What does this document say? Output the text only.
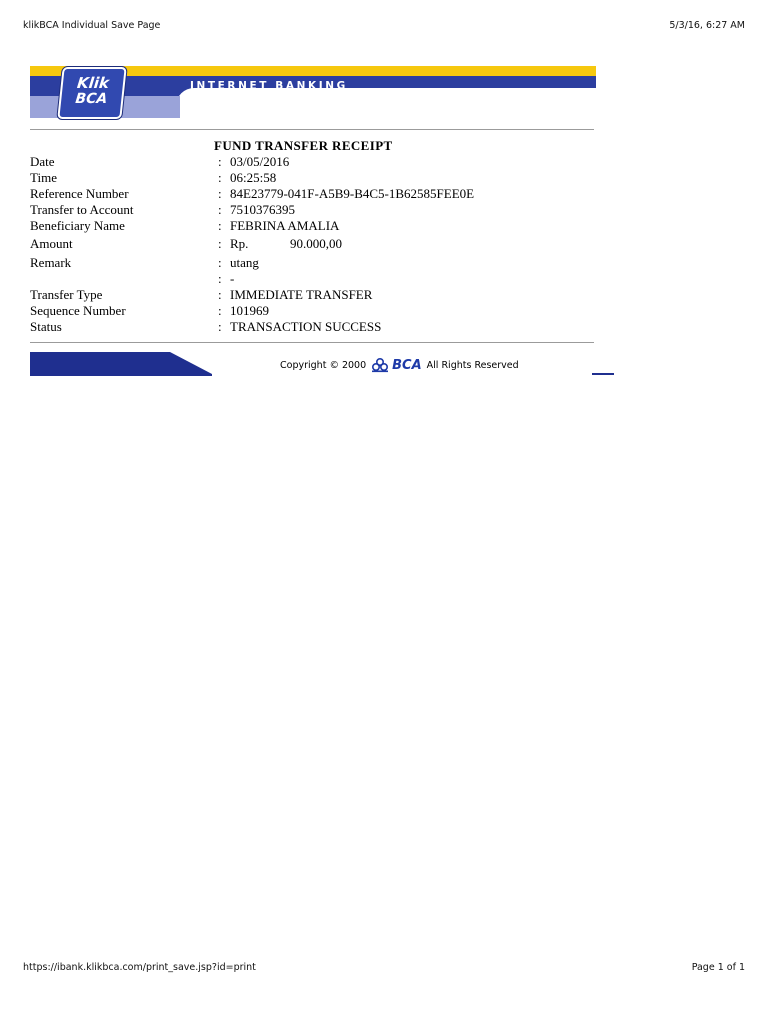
klikBCA Individual Save Page	5/3/16, 6:27 AM
INTERNET BANKING
Klik
BCA
FUND TRANSFER RECEIPT
Date	: 03/05/2016
Time	: 06:25:58
Reference Number	: 84E23779-041F-A5B9-B4C5-1B62585FEE0E
Transfer to Account	: 7510376395
Beneficiary Name	: FEBRINA AMALIA
Amount	: Rp.	90.000,00
Remark	: utang
: -
Transfer Type	: IMMEDIATE TRANSFER
Sequence Number	: 101969
Status	: TRANSACTION SUCCESS
Copyright © 2000 BCA All Rights Reserved
https://ibank.klikbca.com/print_save.jsp?id=print	Page 1 of 1
